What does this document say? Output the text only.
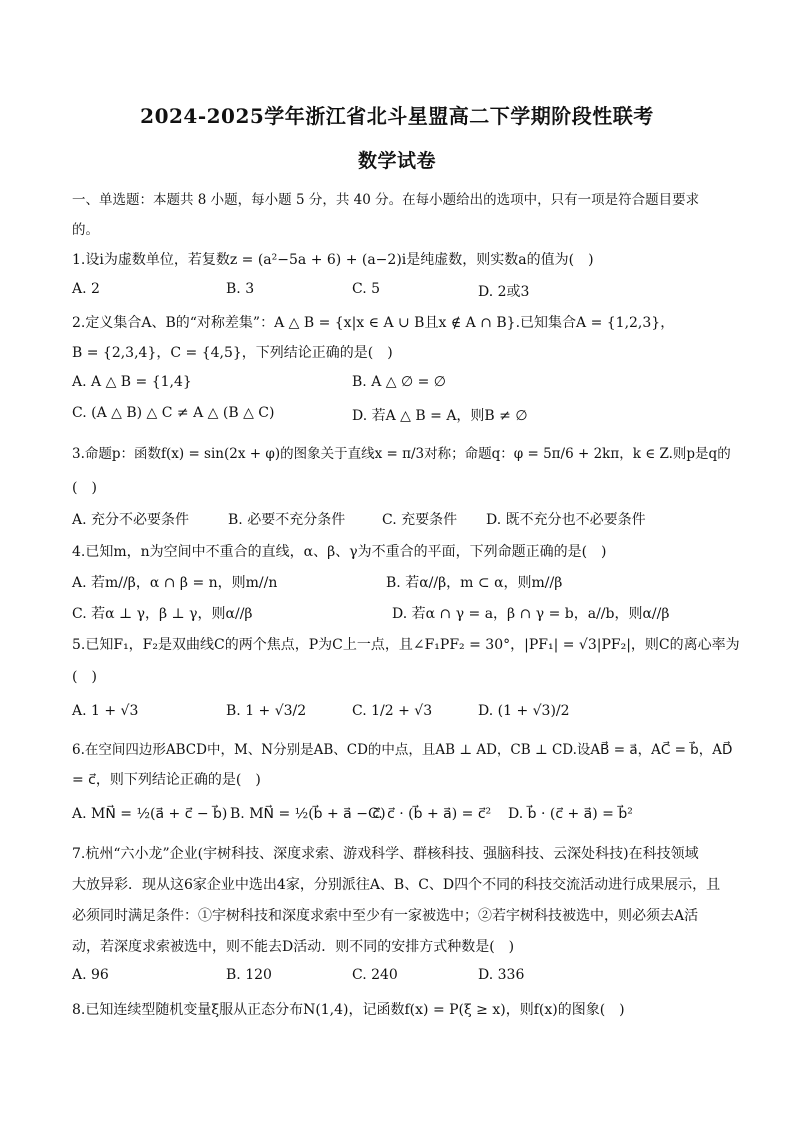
2024-2025学年浙江省北斗星盟高二下学期阶段性联考
数学试卷
一、单选题：本题共 8 小题，每小题 5 分，共 40 分。在每小题给出的选项中，只有一项是符合题目要求
的。
1.设i为虚数单位，若复数z = (a²−5a + 6) + (a−2)i是纯虚数，则实数a的值为(　)
A. 2	B. 3	C. 5	D. 2或3
2.定义集合A、B的“对称差集”：A △ B = {x|x ∈ A ∪ B且x ∉ A ∩ B}.已知集合A = {1,2,3}，
B = {2,3,4}，C = {4,5}，下列结论正确的是(　)
A. A △ B = {1,4}	B. A △ ∅ = ∅
C. (A △ B) △ C ≠ A △ (B △ C)	D. 若A △ B = A，则B ≠ ∅
3.命题p：函数f(x) = sin(2x + φ)的图象关于直线x = π/3对称；命题q：φ = 5π/6 + 2kπ，k ∈ Z.则p是q的
(　)
A. 充分不必要条件	B. 必要不充分条件	C. 充要条件 D. 既不充分也不必要条件
4.已知m，n为空间中不重合的直线，α、β、γ为不重合的平面，下列命题正确的是(　)
A. 若m//β，α ∩ β = n，则m//n	B. 若α//β，m ⊂ α，则m//β
C. 若α ⊥ γ，β ⊥ γ，则α//β	D. 若α ∩ γ = a，β ∩ γ = b，a//b，则α//β
5.已知F₁，F₂是双曲线C的两个焦点，P为C上一点，且∠F₁PF₂ = 30°，|PF₁| = √3|PF₂|，则C的离心率为
(　)
A. 1 + √3	B. 1 + √3/2	C. 1/2 + √3	D. (1 + √3)/2
6.在空间四边形ABCD中，M、N分别是AB、CD的中点，且AB ⊥ AD，CB ⊥ CD.设AB⃗ = a⃗，AC⃗ = b⃗，AD⃗
= c⃗，则下列结论正确的是(　)
A. MN⃗ = ½(a⃗ + c⃗ − b⃗) B. MN⃗ = ½(b⃗ + a⃗ − c⃗)
C. c⃗ · (b⃗ + a⃗) = c⃗² D. b⃗ · (c⃗ + a⃗) = b⃗²
7.杭州“六小龙”企业(宇树科技、深度求索、游戏科学、群核科技、强脑科技、云深处科技)在科技领域
大放异彩．现从这6家企业中选出4家，分别派往A、B、C、D四个不同的科技交流活动进行成果展示，且
必须同时满足条件：①宇树科技和深度求索中至少有一家被选中；②若宇树科技被选中，则必须去A活
动，若深度求索被选中，则不能去D活动．则不同的安排方式种数是(　)
A. 96	B. 120	C. 240	D. 336
8.已知连续型随机变量ξ服从正态分布N(1,4)，记函数f(x) = P(ξ ≥ x)，则f(x)的图象(　)
